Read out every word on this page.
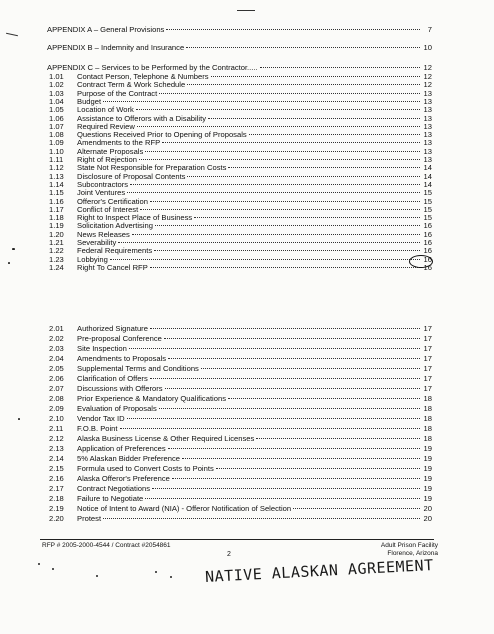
APPENDIX A – General Provisions	7
APPENDIX B – Indemnity and Insurance	10
APPENDIX C – Services to be Performed by the Contractor.....	12
1.01	Contact Person, Telephone & Numbers	12
1.02	Contract Term & Work Schedule	12
1.03	Purpose of the Contract	13
1.04	Budget	13
1.05	Location of Work	13
1.06	Assistance to Offerors with a Disability	13
1.07	Required Review	13
1.08	Questions Received Prior to Opening of Proposals	13
1.09	Amendments to the RFP	13
1.10	Alternate Proposals	13
1.11	Right of Rejection	13
1.12	State Not Responsible for Preparation Costs	14
1.13	Disclosure of Proposal Contents	14
1.14	Subcontractors	14
1.15	Joint Ventures	15
1.16	Offeror's Certification	15
1.17	Conflict of Interest	15
1.18	Right to Inspect Place of Business	15
1.19	Solicitation Advertising	16
1.20	News Releases	16
1.21	Severability	16
1.22	Federal Requirements	16
1.23	Lobbying	16
1.24	Right To Cancel RFP	16
2.01	Authorized Signature	17
2.02	Pre-proposal Conference	17
2.03	Site Inspection	17
2.04	Amendments to Proposals	17
2.05	Supplemental Terms and Conditions	17
2.06	Clarification of Offers	17
2.07	Discussions with Offerors	17
2.08	Prior Experience & Mandatory Qualifications	18
2.09	Evaluation of Proposals	18
2.10	Vendor Tax ID	18
2.11	F.O.B. Point	18
2.12	Alaska Business License & Other Required Licenses	18
2.13	Application of Preferences	19
2.14	5% Alaskan Bidder Preference	19
2.15	Formula used to Convert Costs to Points	19
2.16	Alaska Offeror's Preference	19
2.17	Contract Negotiations	19
2.18	Failure to Negotiate	19
2.19	Notice of Intent to Award (NIA) - Offeror Notification of Selection	20
2.20	Protest	20
RFP # 2005-2000-4544 / Contract #2054861	Adult Prison Facility
Florence, Arizona
2
NATIVE ALASKAN AGREEMENT
